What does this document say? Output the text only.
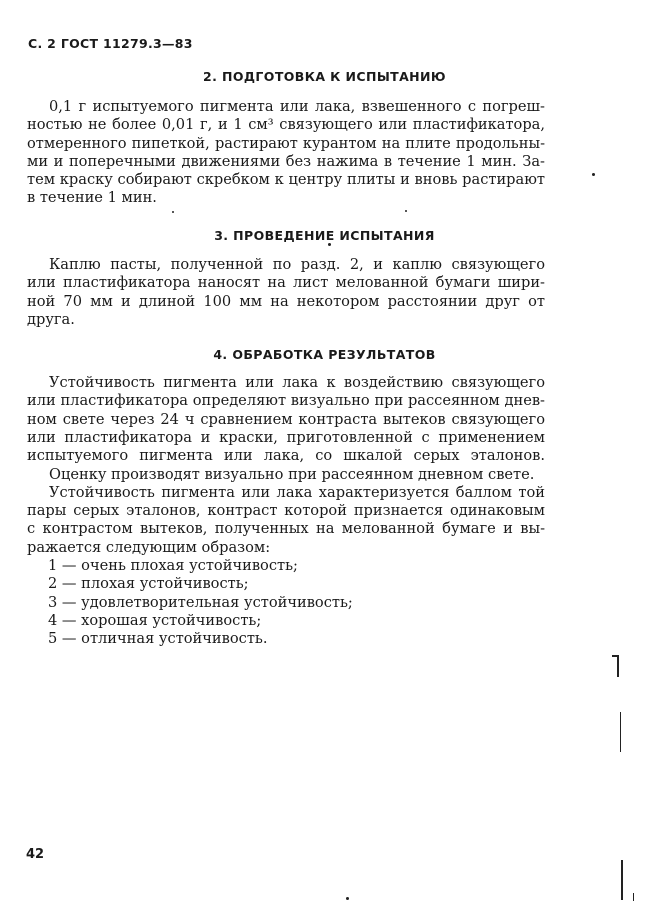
С. 2 ГОСТ 11279.3—83
2. ПОДГОТОВКА К ИСПЫТАНИЮ
0,1 г испытуемого пигмента или лака, взвешенного с погреш-
ностью не более 0,01 г, и 1 см³ связующего или пластификатора,
отмеренного пипеткой, растирают курантом на плите продольны-
ми и поперечными движениями без нажима в течение 1 мин. За-
тем краску собирают скребком к центру плиты и вновь растирают
в течение 1 мин.
3. ПРОВЕДЕНИЕ ИСПЫТАНИЯ
Каплю пасты, полученной по разд. 2, и каплю связующего
или пластификатора наносят на лист мелованной бумаги шири-
ной 70 мм и длиной 100 мм на некотором расстоянии друг от
друга.
4. ОБРАБОТКА РЕЗУЛЬТАТОВ
Устойчивость пигмента или лака к воздействию связующего
или пластификатора определяют визуально при рассеянном днев-
ном свете через 24 ч сравнением контраста вытеков связующего
или пластификатора и краски, приготовленной с применением
испытуемого пигмента или лака, со шкалой серых эталонов.
Оценку производят визуально при рассеянном дневном свете.
Устойчивость пигмента или лака характеризуется баллом той
пары серых эталонов, контраст которой признается одинаковым
с контрастом вытеков, полученных на мелованной бумаге и вы-
ражается следующим образом:
1 — очень плохая устойчивость;
2 — плохая устойчивость;
3 — удовлетворительная устойчивость;
4 — хорошая устойчивость;
5 — отличная устойчивость.
42
